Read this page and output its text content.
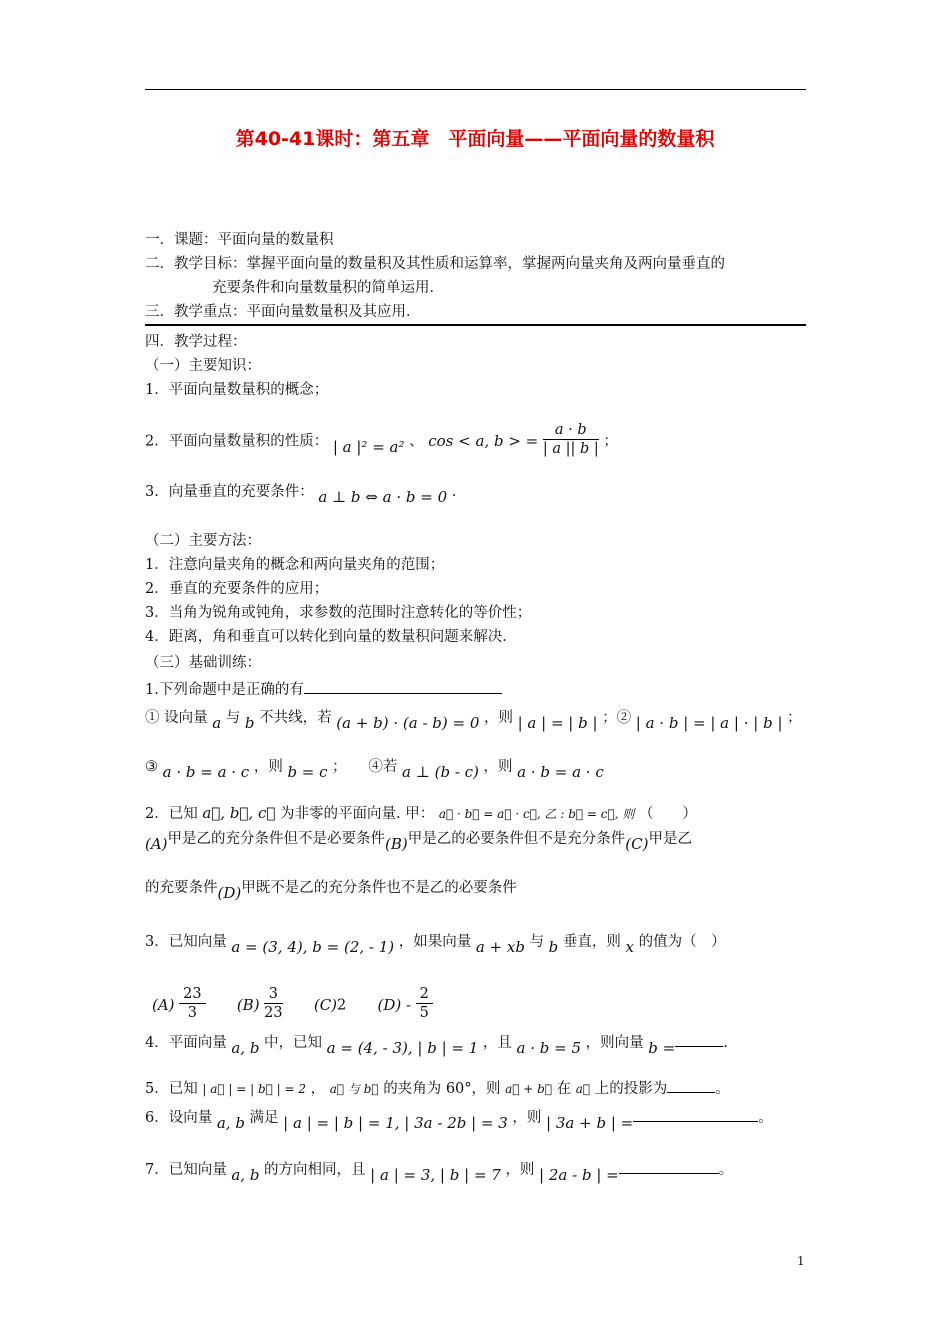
第40-41课时：第五章　平面向量——平面向量的数量积
一．课题：平面向量的数量积
二．教学目标：掌握平面向量的数量积及其性质和运算率，掌握两向量夹角及两向量垂直的
充要条件和向量数量积的简单运用．
三．教学重点：平面向量数量积及其应用．
四．教学过程：
（一）主要知识：
1．平面向量数量积的概念；
2．平面向量数量积的性质： | a |² = a² 、 cos < a, b > = $\frac{a \cdot b}{| a || b |}$ ；
3．向量垂直的充要条件： a ⊥ b ⇔ a · b = 0 .
（二）主要方法：
1．注意向量夹角的概念和两向量夹角的范围；
2．垂直的充要条件的应用；
3．当角为锐角或钝角，求参数的范围时注意转化的等价性；
4．距离，角和垂直可以转化到向量的数量积问题来解决．
（三）基础训练：
1.下列命题中是正确的有
① 设向量 a 与 b 不共线，若 (a + b) · (a - b) = 0 ，则 | a | = | b | ；② | a · b | = | a | · | b | ；
③ a · b = a · c ，则 b = c ；　　④若 a ⊥ (b - c) ，则 a · b = a · c
2．已知 a⃗, b⃗, c⃗ 为非零的平面向量. 甲： a⃗ · b⃗ = a⃗ · c⃗, 乙 : b⃗ = c⃗, 则 （　　）
(A)甲是乙的充分条件但不是必要条件(B)甲是乙的必要条件但不是充分条件(C)甲是乙
的充要条件(D)甲既不是乙的充分条件也不是乙的必要条件
3．已知向量 a = (3, 4), b = (2, - 1) ，如果向量 a + xb 与 b 垂直，则 x 的值为（　）
$(A) \frac{23}{3} (B) \frac{3}{23} (C)2$ $(D) - \frac{2}{5}$
4．平面向量 a, b 中，已知 a = (4, - 3), | b | = 1 ，且 a · b = 5 ，则向量 b =	.
5．已知 | a⃗ | = | b⃗ | = 2 ， a⃗ 与 b⃗ 的夹角为 60°，则 a⃗ + b⃗ 在 a⃗ 上的投影为	。
6．设向量 a, b 满足 | a | = | b | = 1, | 3a - 2b | = 3 ，则 | 3a + b | =	。
7．已知向量 a, b 的方向相同，且 | a | = 3, | b | = 7 ，则 | 2a - b | =	。
1
